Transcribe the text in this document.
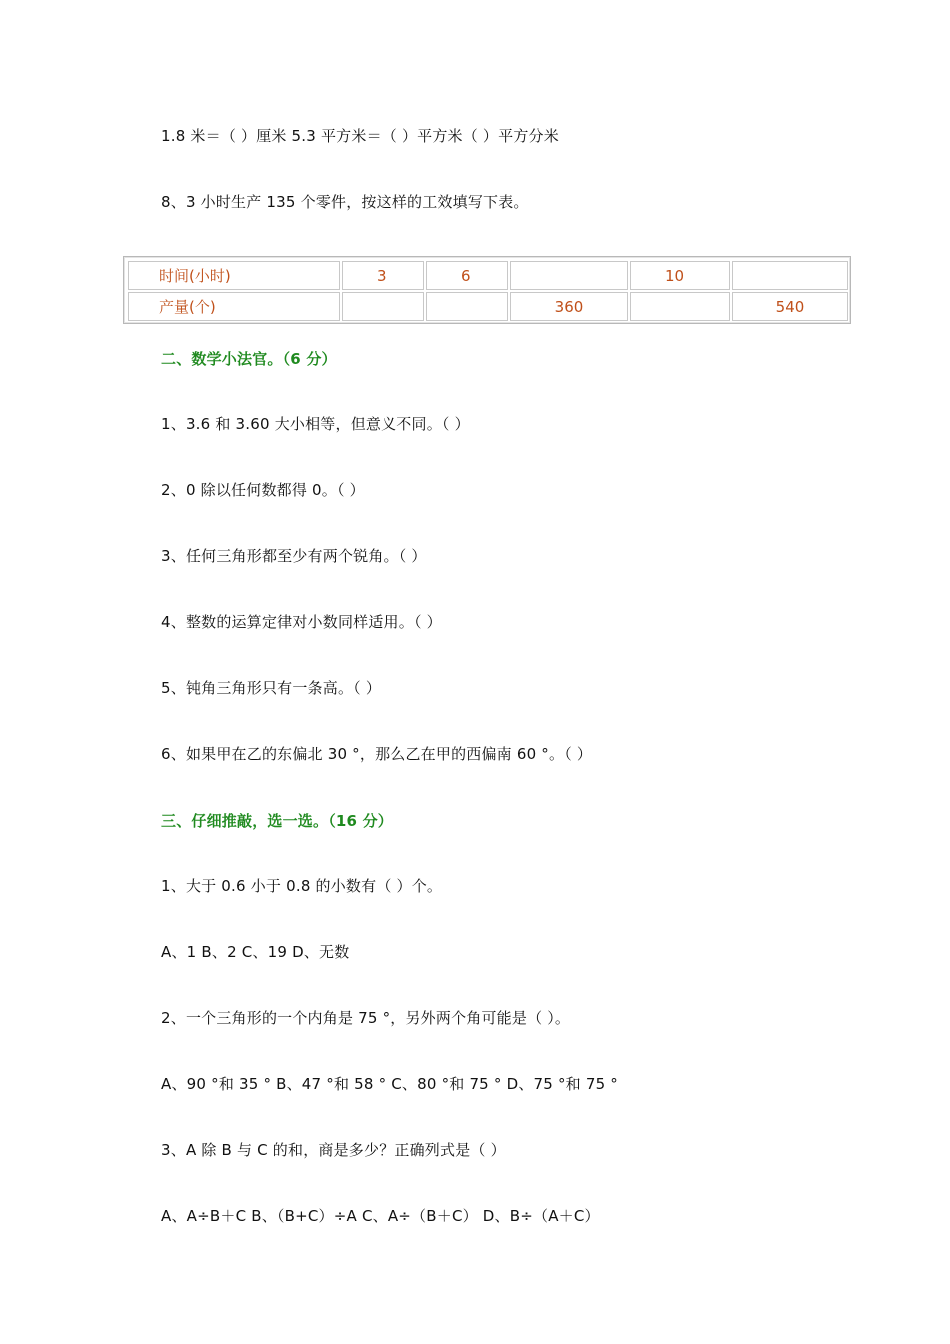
1.8 米＝（ ）厘米 5.3 平方米＝（ ）平方米（ ）平方分米
8、3 小时生产 135 个零件，按这样的工效填写下表。
时间(小时)	3	6		10	
产量(个)			360		540
二、数学小法官。（6 分）
1、3.6 和 3.60 大小相等，但意义不同。（ ）
2、0 除以任何数都得 0。（ ）
3、任何三角形都至少有两个锐角。（ ）
4、整数的运算定律对小数同样适用。（ ）
5、钝角三角形只有一条高。（ ）
6、如果甲在乙的东偏北 30 °，那么乙在甲的西偏南 60 °。（ ）
三、仔细推敲，选一选。（16 分）
1、大于 0.6 小于 0.8 的小数有（ ）个。
A、1 B、2 C、19 D、无数
2、一个三角形的一个内角是 75 °，另外两个角可能是（ ）。
A、90 °和 35 ° B、47 °和 58 ° C、80 °和 75 ° D、75 °和 75 °
3、A 除 B 与 C 的和，商是多少？正确列式是（ ）
A、A÷B＋C B、（B+C）÷A C、A÷（B＋C） D、B÷（A＋C）
